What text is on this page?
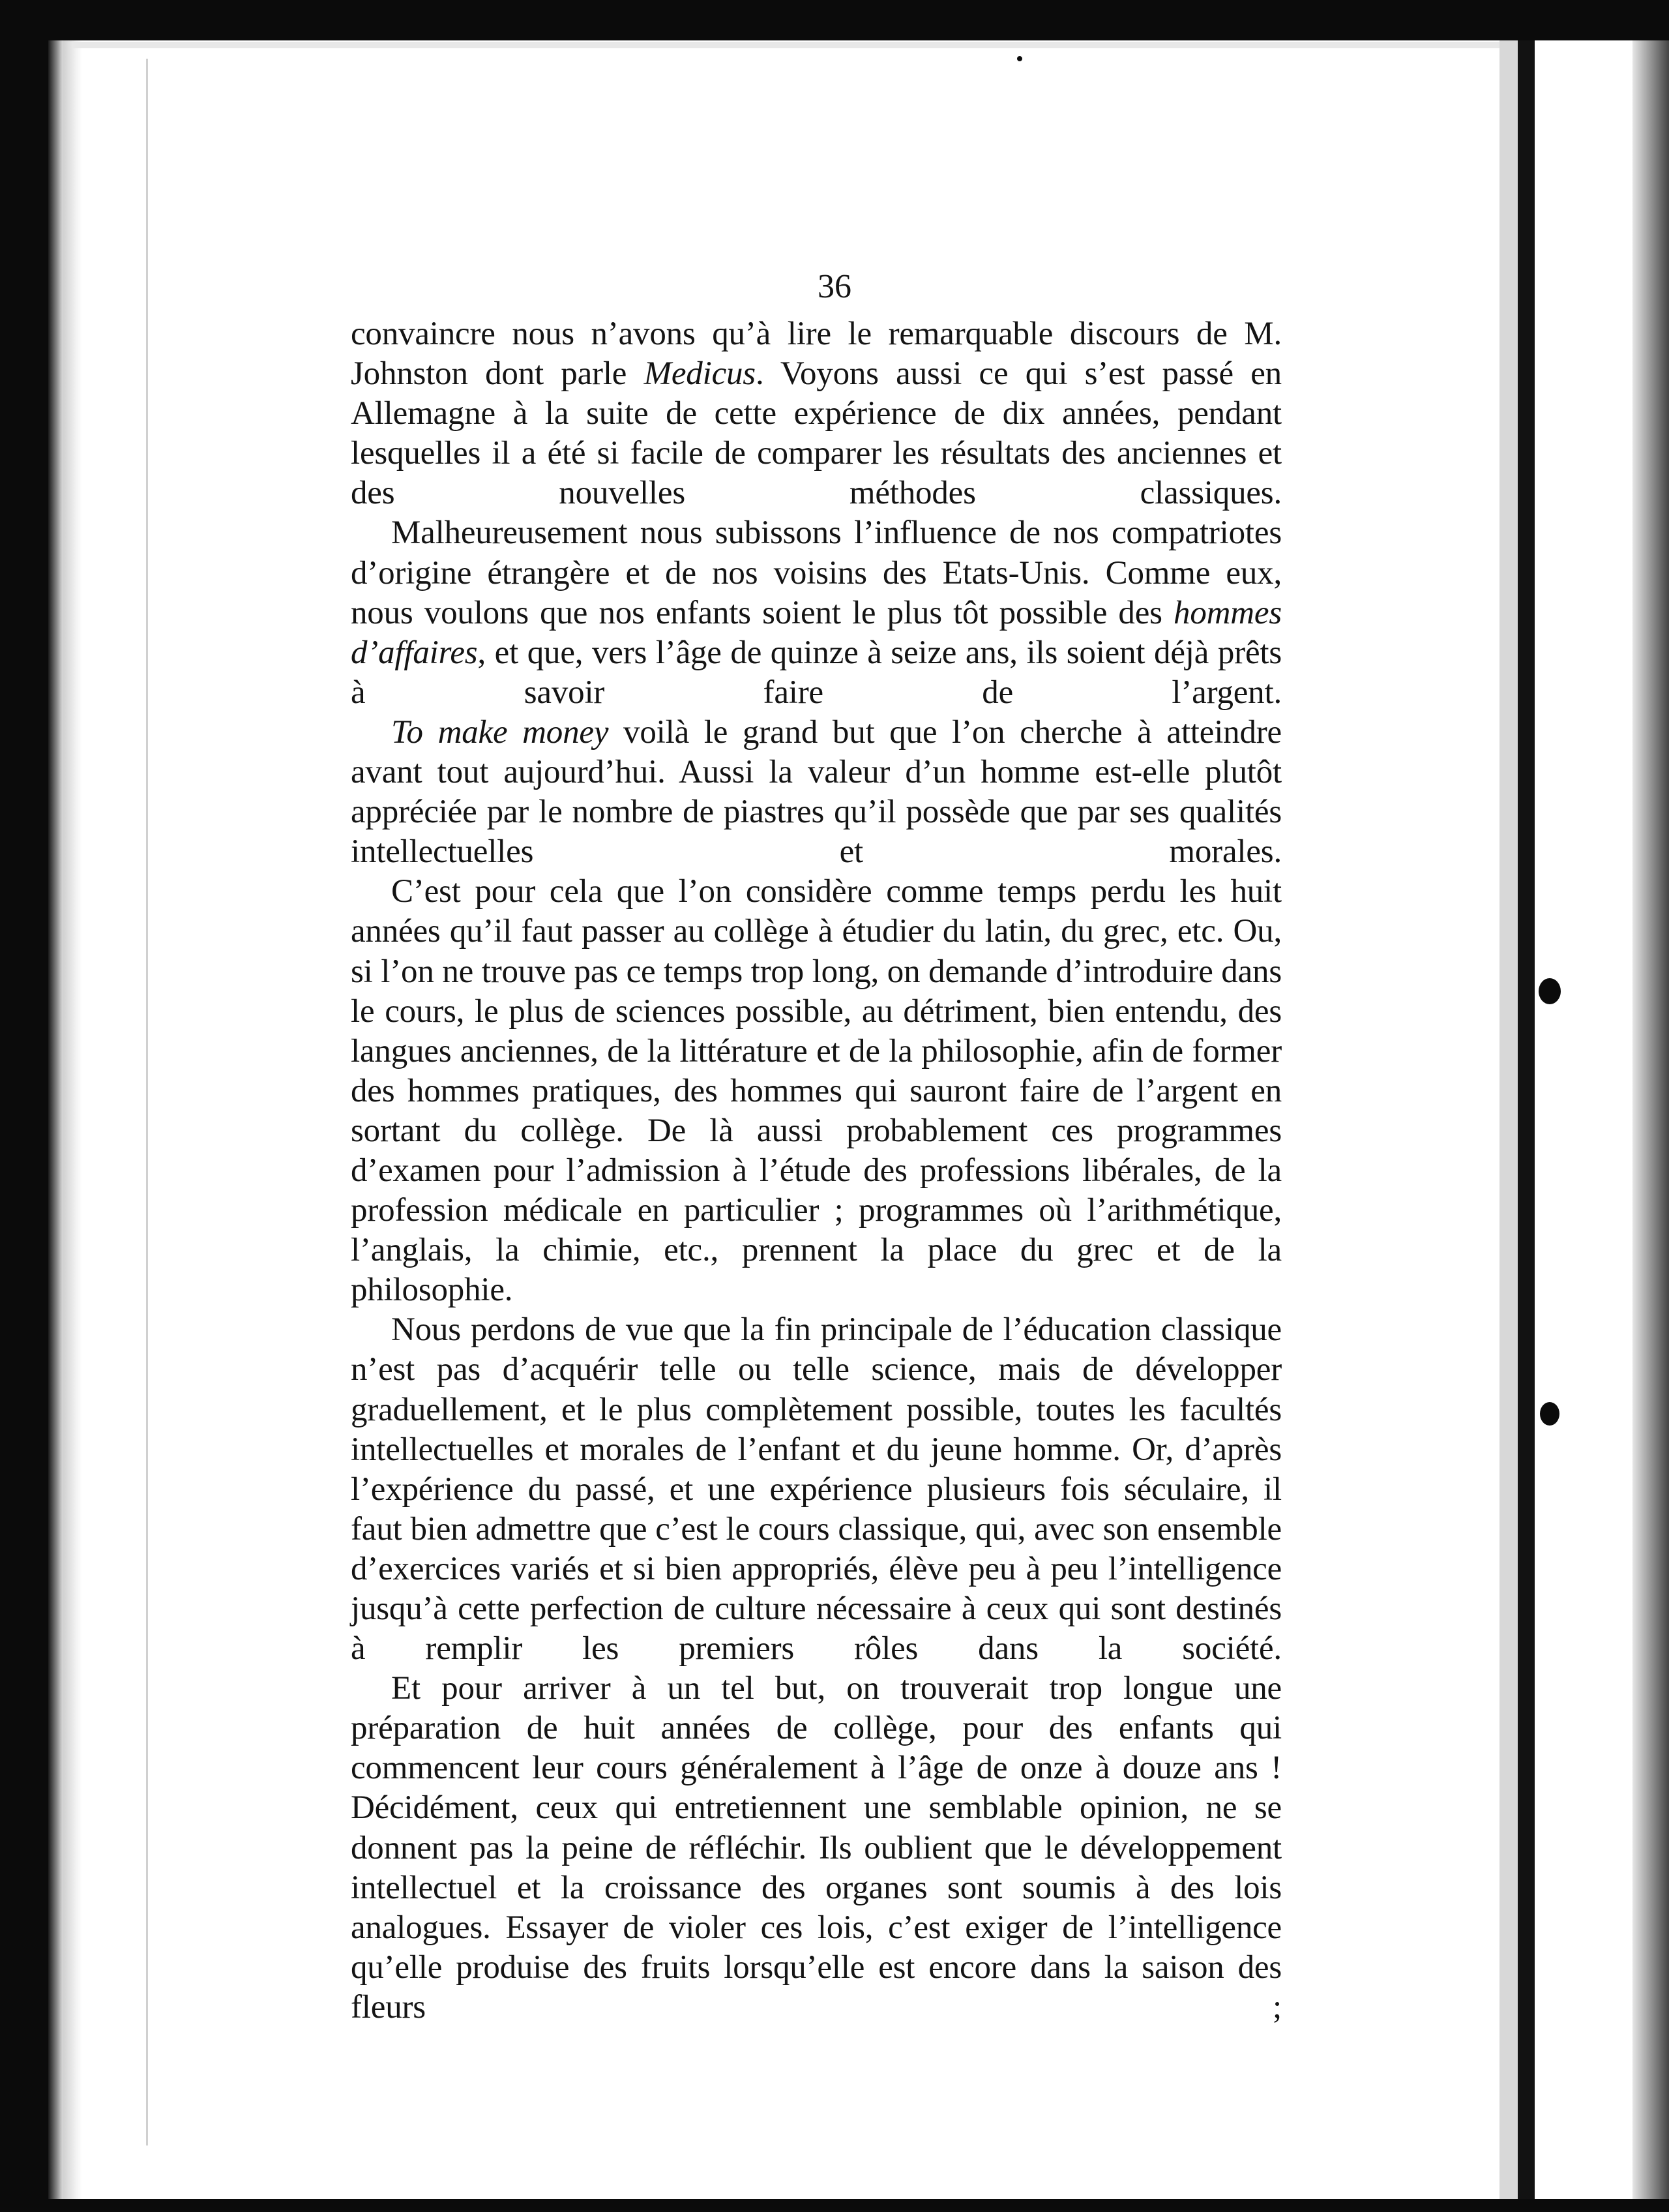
36

convaincre nous n’avons qu’à lire le remarquable discours de M. Johnston dont parle Medicus. Voyons aussi ce qui s’est passé en Allemagne à la suite de cette expérience de dix années, pendant lesquelles il a été si facile de comparer les résultats des anciennes et des nouvelles méthodes classiques.

Malheureusement nous subissons l’influence de nos compatriotes d’origine étrangère et de nos voisins des Etats-Unis. Comme eux, nous voulons que nos enfants soient le plus tôt possible des hommes d’affaires, et que, vers l’âge de quinze à seize ans, ils soient déjà prêts à savoir faire de l’argent.

To make money voilà le grand but que l’on cherche à atteindre avant tout aujourd’hui. Aussi la valeur d’un homme est-elle plutôt appréciée par le nombre de piastres qu’il possède que par ses qualités intellectuelles et morales.

C’est pour cela que l’on considère comme temps perdu les huit années qu’il faut passer au collège à étudier du latin, du grec, etc. Ou, si l’on ne trouve pas ce temps trop long, on demande d’introduire dans le cours, le plus de sciences possible, au détriment, bien entendu, des langues anciennes, de la littérature et de la philosophie, afin de former des hommes pratiques, des hommes qui sauront faire de l’argent en sortant du collège. De là aussi probablement ces programmes d’examen pour l’admission à l’étude des professions libérales, de la profession médicale en particulier ; programmes où l’arithmétique, l’anglais, la chimie, etc., prennent la place du grec et de la philosophie.

Nous perdons de vue que la fin principale de l’éducation classique n’est pas d’acquérir telle ou telle science, mais de développer graduellement, et le plus complètement possible, toutes les facultés intellectuelles et morales de l’enfant et du jeune homme. Or, d’après l’expérience du passé, et une expérience plusieurs fois séculaire, il faut bien admettre que c’est le cours classique, qui, avec son ensemble d’exercices variés et si bien appropriés, élève peu à peu l’intelligence jusqu’à cette perfection de culture nécessaire à ceux qui sont destinés à remplir les premiers rôles dans la société.

Et pour arriver à un tel but, on trouverait trop longue une préparation de huit années de collège, pour des enfants qui commencent leur cours généralement à l’âge de onze à douze ans ! Décidément, ceux qui entretiennent une semblable opinion, ne se donnent pas la peine de réfléchir. Ils oublient que le développement intellectuel et la croissance des organes sont soumis à des lois analogues. Essayer de violer ces lois, c’est exiger de l’intelligence qu’elle produise des fruits lorsqu’elle est encore dans la saison des fleurs ;
